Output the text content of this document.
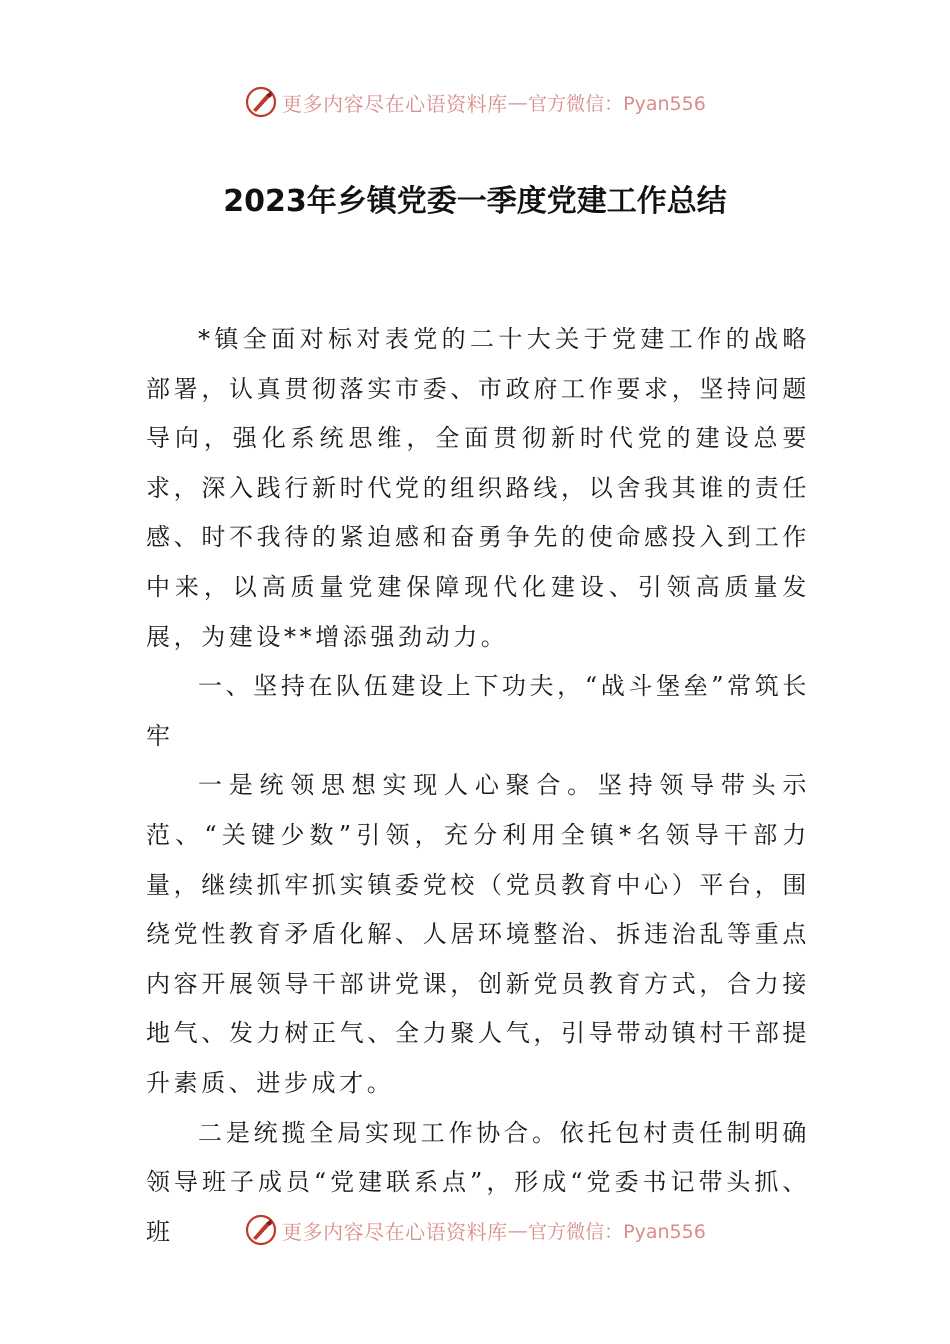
更多内容尽在心语资料库 — 官方微信：Pyan556
2023年乡镇党委一季度党建工作总结

*镇全面对标对表党的二十大关于党建工作的战略部署，认真贯彻落实市委、市政府工作要求，坚持问题导向，强化系统思维，全面贯彻新时代党的建设总要求，深入践行新时代党的组织路线，以舍我其谁的责任感、时不我待的紧迫感和奋勇争先的使命感投入到工作中来，以高质量党建保障现代化建设、引领高质量发展，为建设**增添强劲动力。

一、坚持在队伍建设上下功夫，“战斗堡垒”常筑长牢

一是统领思想实现人心聚合。坚持领导带头示范、“关键少数”引领，充分利用全镇*名领导干部力量，继续抓牢抓实镇委党校（党员教育中心）平台，围绕党性教育矛盾化解、人居环境整治、拆违治乱等重点内容开展领导干部讲党课，创新党员教育方式，合力接地气、发力树正气、全力聚人气，引导带动镇村干部提升素质、进步成才。

二是统揽全局实现工作协合。依托包村责任制明确领导班子成员“党建联系点”，形成“党委书记带头抓、班	更多内容尽在心语资料库 — 官方微信：Pyan556
